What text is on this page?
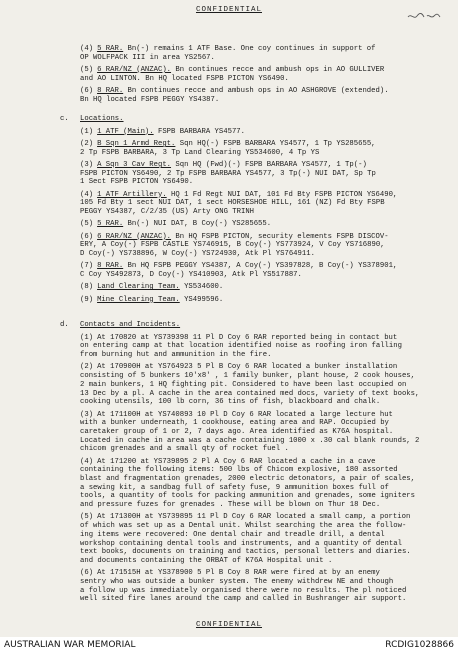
CONFIDENTIAL

(4) 5 RAR. Bn(-) remains 1 ATF Base. One coy continues in support of
OP WOLFPACK III in area YS2567.

(5) 6 RAR/NZ (ANZAC). Bn continues recce and ambush ops in AO GULLIVER
and AO LINTON. Bn HQ located FSPB PICTON YS6490.

(6) 8 RAR. Bn continues recce and ambush ops in AO ASHGROVE (extended).
Bn HQ located FSPB PEGGY YS4387.

c. Locations.

(1) 1 ATF (Main). FSPB BARBARA YS4577.

(2) B Sqn 1 Armd Regt. Sqn HQ(-) FSPB BARBARA YS4577, 1 Tp YS285655,
2 Tp FSPB BARBARA, 3 Tp Land Clearing YS534600, 4 Tp YS

(3) A Sqn 3 Cav Regt. Sqn HQ (Fwd)(-) FSPB BARBARA YS4577, 1 Tp(-)
FSPB PICTON YS6490, 2 Tp FSPB BARBARA YS4577, 3 Tp(-) NUI DAT, Sp Tp
1 Sect FSPB PICTON YS6490.

(4) 1 ATF Artillery. HQ 1 Fd Regt NUI DAT, 101 Fd Bty FSPB PICTON YS6490,
105 Fd Bty 1 sect NUI DAT, 1 sect HORSESHOE HILL, 161 (NZ) Fd Bty FSPB
PEGGY YS4387, C/2/35 (US) Arty ONG TRINH

(5) 5 RAR. Bn(-) NUI DAT, B Coy(-) YS285655.

(6) 6 RAR/NZ (ANZAC). Bn HQ FSPB PICTON, security elements FSPB DISCOV-
ERY, A Coy(-) FSPB CASTLE YS746915, B Coy(-) YS773924, V Coy YS716890,
D Coy(-) YS738896, W Coy(-) YS724930, Atk Pl YS764911.

(7) 8 RAR. Bn HQ FSPB PEGGY YS4387, A Coy(-) YS397828, B Coy(-) YS378901,
C Coy YS492873, D Coy(-) YS410903, Atk Pl YS517887.

(8) Land Clearing Team. YS534600.

(9) Mine Clearing Team. YS499596.

d. Contacts and Incidents.

(1) At 170820 at YS739398 11 Pl D Coy 6 RAR reported being in contact but
on entering camp at that location identified noise as roofing iron falling
from burning hut and ammunition in the fire.

(2) At 170900H at YS764923 5 Pl B Coy 6 RAR located a bunker installation
consisting of 5 bunkers 10'x8' , 1 family bunker, plant house, 2 cook houses,
2 main bunkers, 1 HQ fighting pit. Considered to have been last occupied on
13 Dec by a pl. A cache in the area contained med docs, variety of text books,
cooking utensils, 100 lb corn, 36 tins of fish, blackboard and chalk.

(3) At 171100H at YS740893 10 Pl D Coy 6 RAR located a large lecture hut
with a bunker underneath, 1 cookhouse, eating area and RAP. Occupied by
caretaker group of 1 or 2, 7 days ago. Area identified as K76A hospital.
Located in cache in area was a cache containing 1000 x .30 cal blank rounds, 2
chicom grenades and a small qty of rocket fuel .

(4) At 171200 at YS739895 2 Pl A Coy 6 RAR located a cache in a cave
containing the following items: 500 lbs of Chicom explosive, 180 assorted
blast and fragmentation grenades, 2000 electric detonators, a pair of scales,
a sewing kit, a sandbag full of safety fuse, 9 ammunition boxes full of
tools, a quantity of tools for packing ammunition and grenades, some igniters
and pressure fuzes for grenades . These will be blown on Thur 18 Dec.

(5) At 171300H at YS739895 11 Pl D Coy 6 RAR located a small camp, a portion
of which was set up as a Dental unit. Whilst searching the area the follow-
ing items were recovered: One dental chair and treadle drill, a dental
workshop containing dental tools and instruments, and a quantity of dental
text books, documents on training and tactics, personal letters and diaries.
and documents containing the ORBAT of K76A Hospital unit .

(6) At 171515H at YS378900 5 Pl B Coy 8 RAR were fired at by an enemy
sentry who was outside a bunker system. The enemy withdrew NE and though
a follow up was immediately organised there were no results. The pl noticed
well sited fire lanes around the camp and called in Bushranger air support.

CONFIDENTIAL
AUSTRALIAN WAR MEMORIAL	RCDIG1028866
